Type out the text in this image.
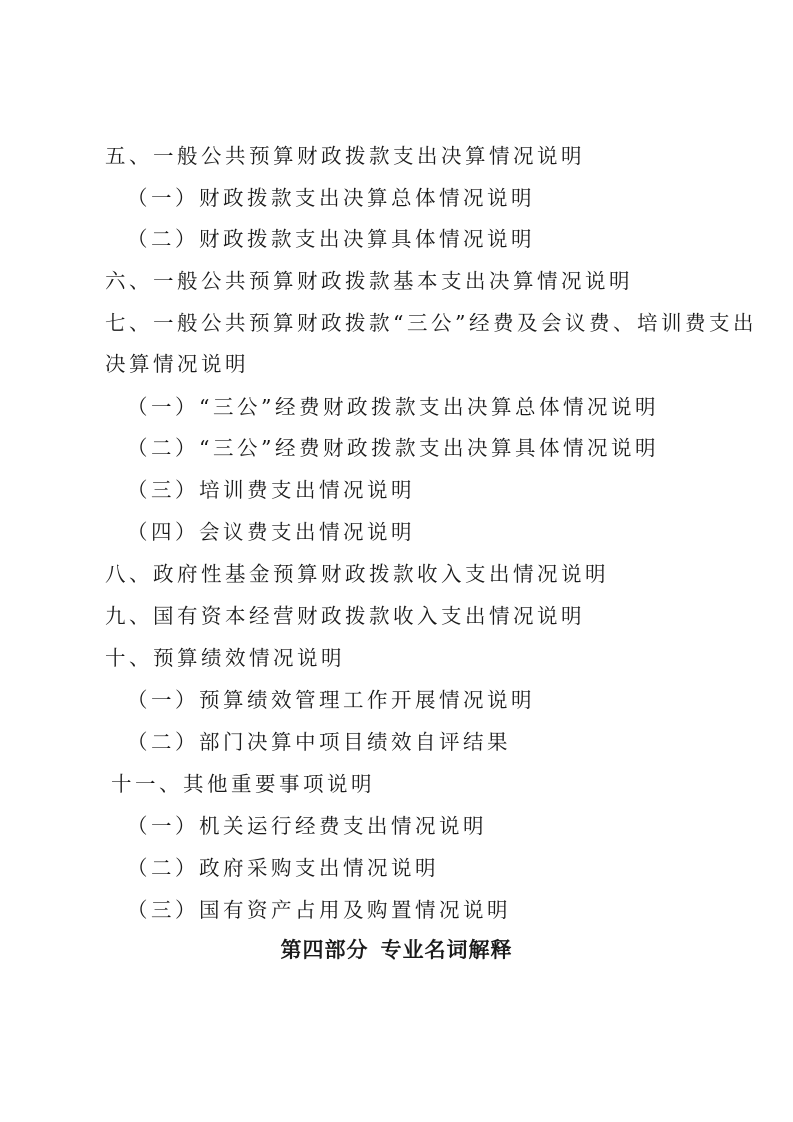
五、一般公共预算财政拨款支出决算情况说明
（一）财政拨款支出决算总体情况说明
（二）财政拨款支出决算具体情况说明
六、一般公共预算财政拨款基本支出决算情况说明
七、一般公共预算财政拨款“三公”经费及会议费、培训费支出
决算情况说明
（一）“三公”经费财政拨款支出决算总体情况说明
（二）“三公”经费财政拨款支出决算具体情况说明
（三）培训费支出情况说明
（四）会议费支出情况说明
八、政府性基金预算财政拨款收入支出情况说明
九、国有资本经营财政拨款收入支出情况说明
十、预算绩效情况说明
（一）预算绩效管理工作开展情况说明
（二）部门决算中项目绩效自评结果
十一、其他重要事项说明
（一）机关运行经费支出情况说明
（二）政府采购支出情况说明
（三）国有资产占用及购置情况说明
第四部分 专业名词解释
